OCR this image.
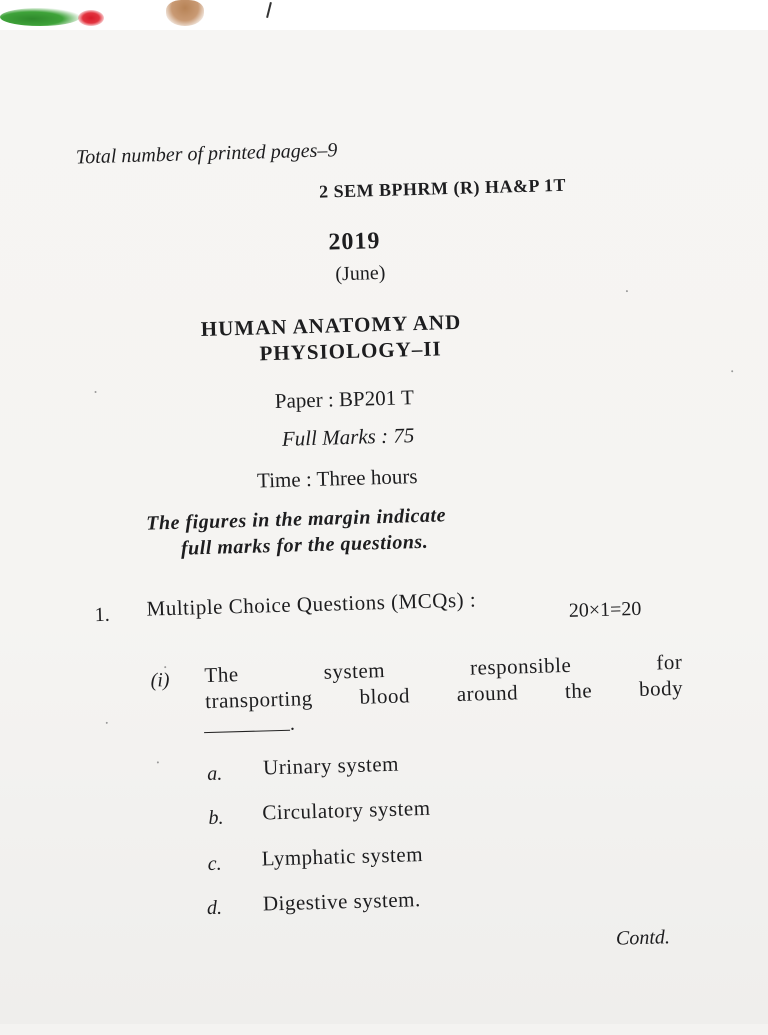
Total number of printed pages–9
2 SEM BPHRM (R) HA&P 1T
2019
(June)
HUMAN ANATOMY AND
PHYSIOLOGY–II
Paper : BP201 T
Full Marks : 75
Time : Three hours
The figures in the margin indicate
full marks for the questions.
1. Multiple Choice Questions (MCQs) :	20×1=20
(i) The	system	responsible	for
transporting blood around the body
.
a. Urinary system
b. Circulatory system
c. Lymphatic system
d. Digestive system.
Contd.
